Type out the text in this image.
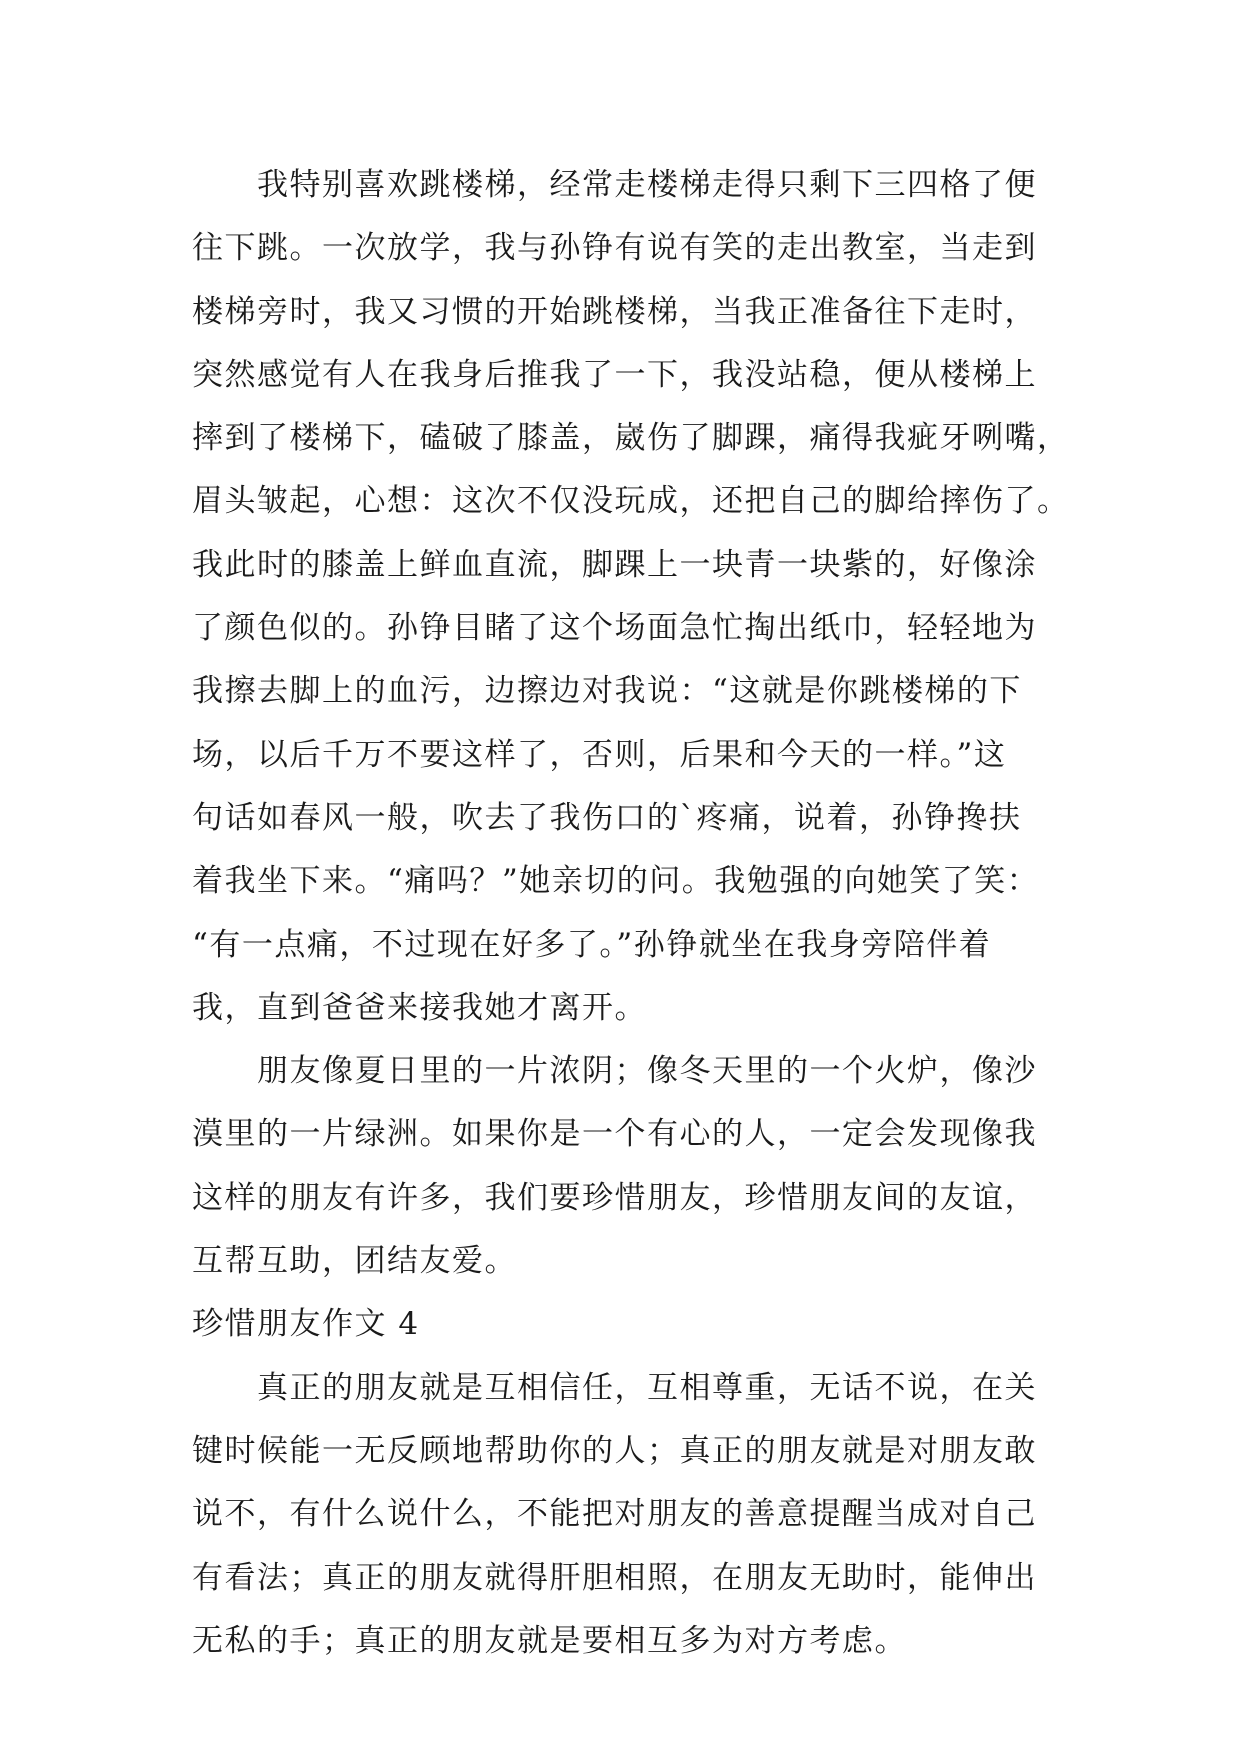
我特别喜欢跳楼梯，经常走楼梯走得只剩下三四格了便
往下跳。一次放学，我与孙铮有说有笑的走出教室，当走到
楼梯旁时，我又习惯的开始跳楼梯，当我正准备往下走时，
突然感觉有人在我身后推我了一下，我没站稳，便从楼梯上
摔到了楼梯下，磕破了膝盖，崴伤了脚踝，痛得我疵牙咧嘴，
眉头皱起，心想：这次不仅没玩成，还把自己的脚给摔伤了。
我此时的膝盖上鲜血直流，脚踝上一块青一块紫的，好像涂
了颜色似的。孙铮目睹了这个场面急忙掏出纸巾，轻轻地为
我擦去脚上的血污，边擦边对我说：“这就是你跳楼梯的下
场，以后千万不要这样了，否则，后果和今天的一样。”这
句话如春风一般，吹去了我伤口的`疼痛，说着，孙铮搀扶
着我坐下来。“痛吗？”她亲切的问。我勉强的向她笑了笑：
“有一点痛，不过现在好多了。”孙铮就坐在我身旁陪伴着
我，直到爸爸来接我她才离开。
朋友像夏日里的一片浓阴；像冬天里的一个火炉，像沙
漠里的一片绿洲。如果你是一个有心的人，一定会发现像我
这样的朋友有许多，我们要珍惜朋友，珍惜朋友间的友谊，
互帮互助，团结友爱。
珍惜朋友作文 4
真正的朋友就是互相信任，互相尊重，无话不说，在关
键时候能一无反顾地帮助你的人；真正的朋友就是对朋友敢
说不，有什么说什么，不能把对朋友的善意提醒当成对自己
有看法；真正的朋友就得肝胆相照，在朋友无助时，能伸出
无私的手；真正的朋友就是要相互多为对方考虑。
